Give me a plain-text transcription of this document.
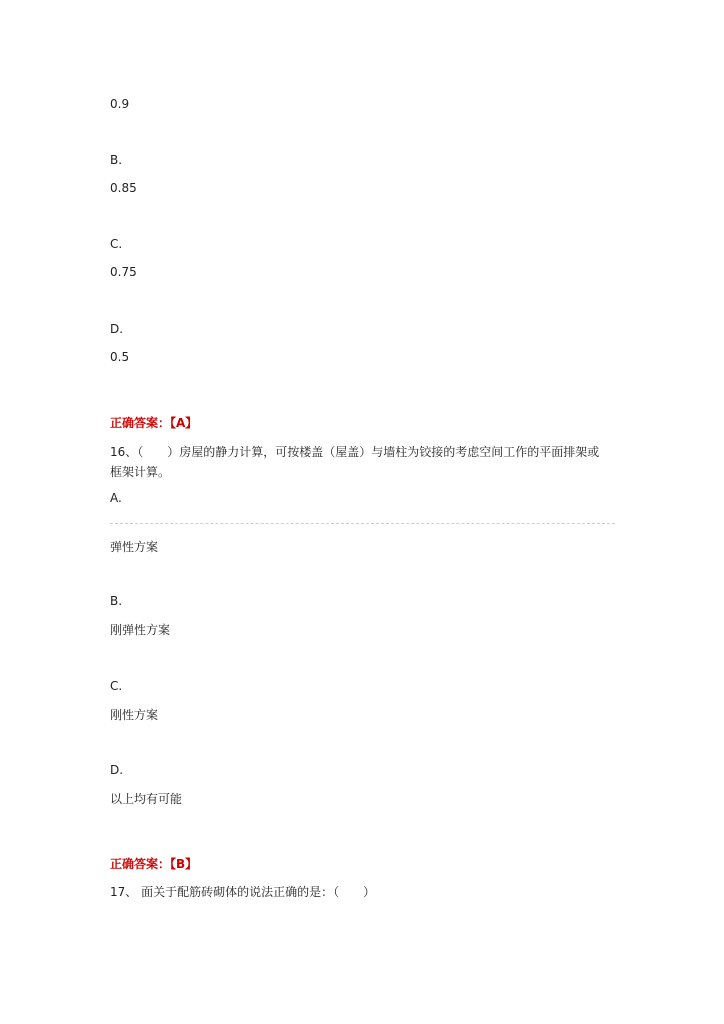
0.9
B.
0.85
C.
0.75
D.
0.5
正确答案：【A】
16、（　　）房屋的静力计算，可按楼盖（屋盖）与墙柱为铰接的考虑空间工作的平面排架或框架计算。
A.
弹性方案
B.
刚弹性方案
C.
刚性方案
D.
以上均有可能
正确答案：【B】
17、 面关于配筋砖砌体的说法正确的是：（　　）
